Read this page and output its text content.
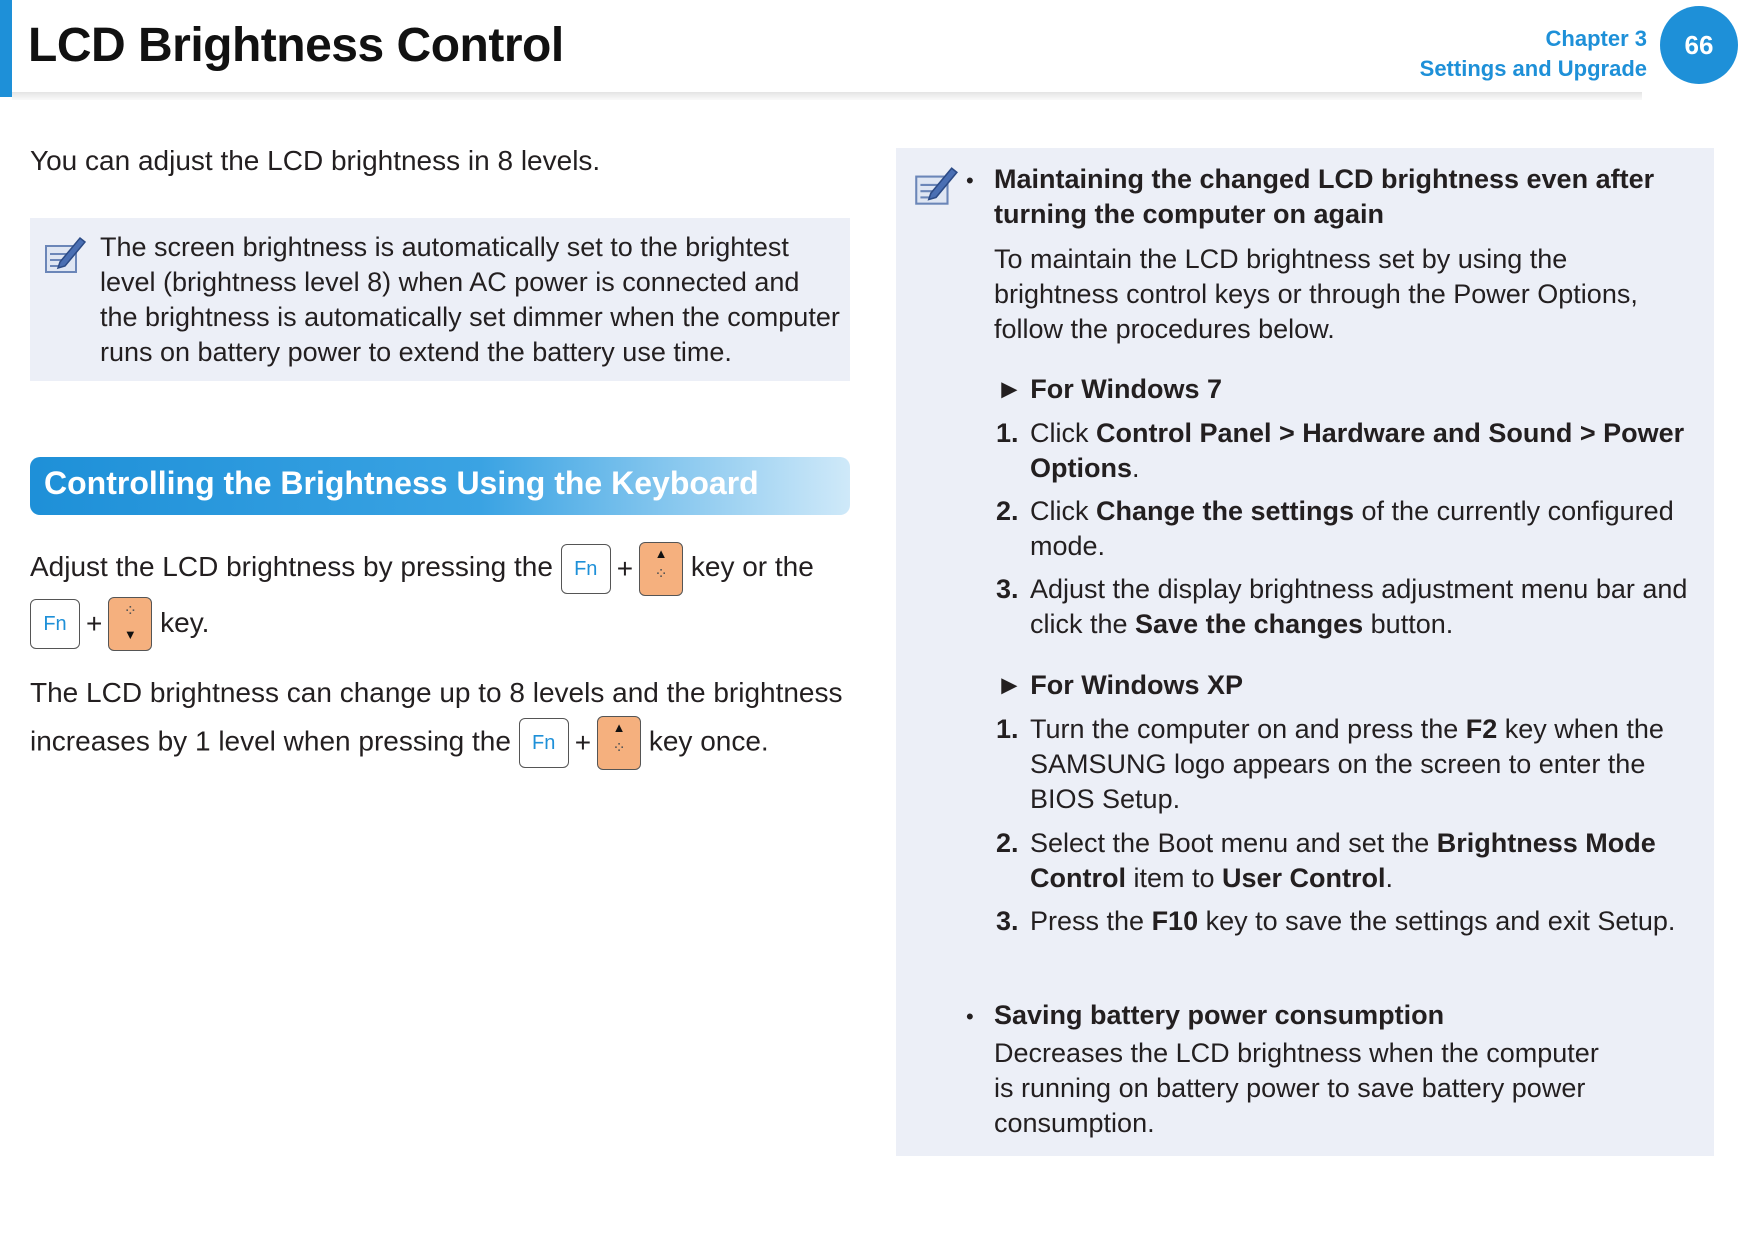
LCD Brightness Control	Chapter 3
Settings and Upgrade
66
You can adjust the LCD brightness in 8 levels.
The screen brightness is automatically set to the brightest level (brightness level 8) when AC power is connected and the brightness is automatically set dimmer when the computer runs on battery power to extend the battery use time.
Controlling the Brightness Using the Keyboard
Adjust the LCD brightness by pressing the Fn +	▲
⁘ key or the
Fn +	⁘
▼ key.
The LCD brightness can change up to 8 levels and the brightness increases by 1 level when pressing the Fn +	▲
⁘ key once.
• Maintaining the changed LCD brightness even after
turning the computer on again
To maintain the LCD brightness set by using the brightness control keys or through the Power Options, follow the procedures below.
► For Windows 7
1. Click Control Panel > Hardware and Sound > Power Options.
2. Click Change the settings of the currently configured mode.
3. Adjust the display brightness adjustment menu bar and click the Save the changes button.
► For Windows XP
1. Turn the computer on and press the F2 key when the SAMSUNG logo appears on the screen to enter the BIOS Setup.
2. Select the Boot menu and set the Brightness Mode Control item to User Control.
3. Press the F10 key to save the settings and exit Setup.
• Saving battery power consumption
Decreases the LCD brightness when the computer is running on battery power to save battery power consumption.
